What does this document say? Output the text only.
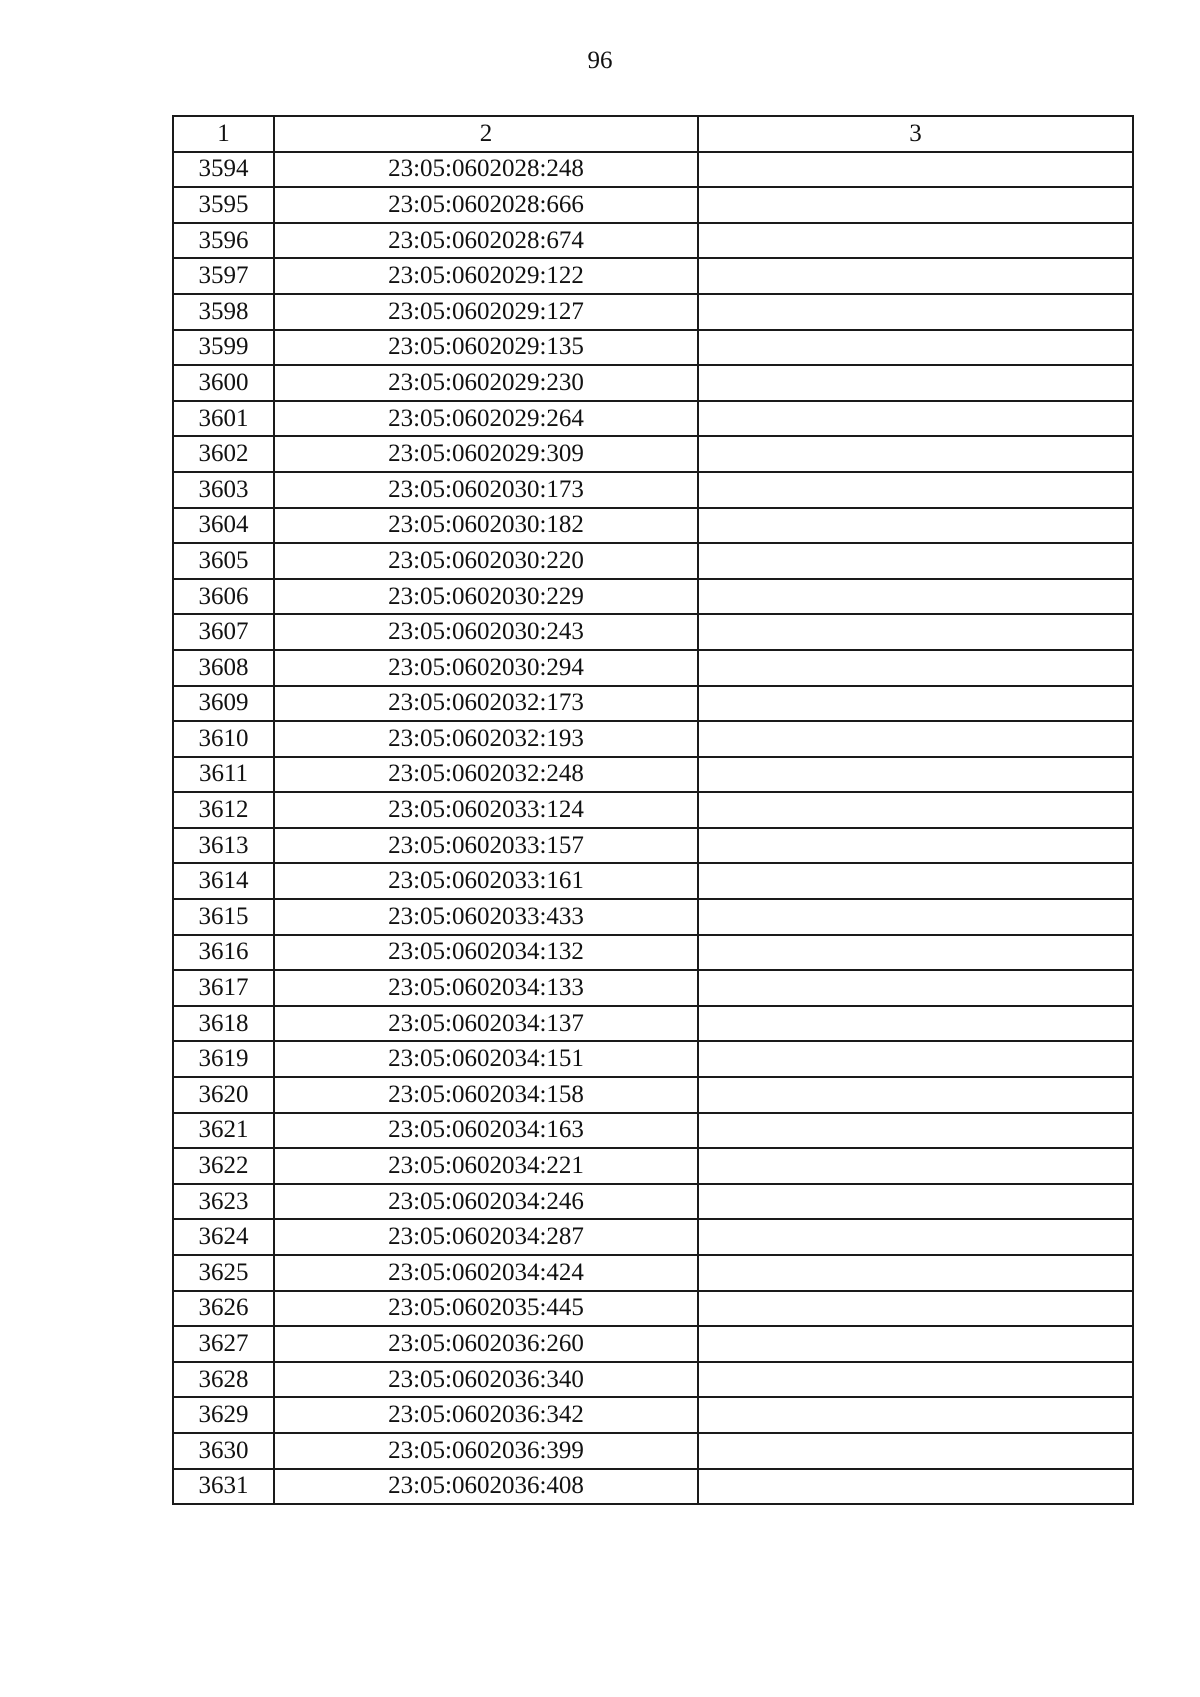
96
1	2	3
3594	23:05:0602028:248	
3595	23:05:0602028:666	
3596	23:05:0602028:674	
3597	23:05:0602029:122	
3598	23:05:0602029:127	
3599	23:05:0602029:135	
3600	23:05:0602029:230	
3601	23:05:0602029:264	
3602	23:05:0602029:309	
3603	23:05:0602030:173	
3604	23:05:0602030:182	
3605	23:05:0602030:220	
3606	23:05:0602030:229	
3607	23:05:0602030:243	
3608	23:05:0602030:294	
3609	23:05:0602032:173	
3610	23:05:0602032:193	
3611	23:05:0602032:248	
3612	23:05:0602033:124	
3613	23:05:0602033:157	
3614	23:05:0602033:161	
3615	23:05:0602033:433	
3616	23:05:0602034:132	
3617	23:05:0602034:133	
3618	23:05:0602034:137	
3619	23:05:0602034:151	
3620	23:05:0602034:158	
3621	23:05:0602034:163	
3622	23:05:0602034:221	
3623	23:05:0602034:246	
3624	23:05:0602034:287	
3625	23:05:0602034:424	
3626	23:05:0602035:445	
3627	23:05:0602036:260	
3628	23:05:0602036:340	
3629	23:05:0602036:342	
3630	23:05:0602036:399	
3631	23:05:0602036:408	
